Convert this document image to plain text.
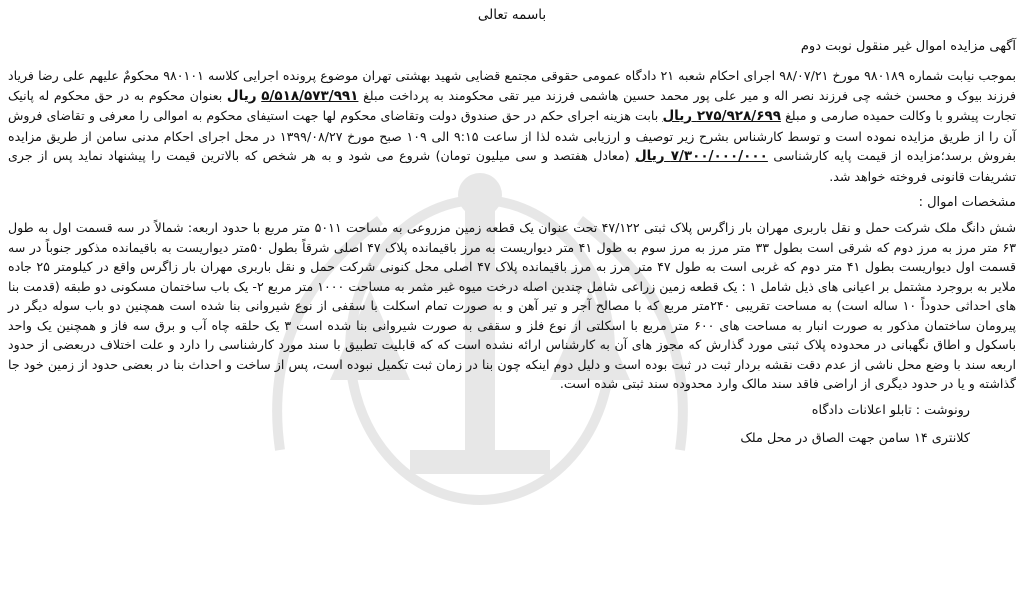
باسمه تعالی
آگهی مزایده اموال غیر منقول نوبت دوم

بموجب نیابت شماره ۹۸۰۱۸۹ مورخ ۹۸/۰۷/۲۱ اجرای احکام شعبه ۲۱ دادگاه عمومی حقوقی مجتمع قضایی شهید بهشتی تهران موضوع پرونده اجرایی کلاسه ۹۸۰۱۰۱ محکومٌ علیهم علی رضا فریاد فرزند بیوک و محسن خشه چی فرزند نصر اله و میر علی پور محمد حسین هاشمی فرزند میر تقی محکومند به پرداخت مبلغ ۵/۵۱۸/۵۷۳/۹۹۱ ریال بعنوان محکوم به در حق محکوم له پانیک تجارت پیشرو با وکالت حمیده صارمی و مبلغ ۲۷۵/۹۲۸/۶۹۹ ریال بابت هزینه اجرای حکم در حق صندوق دولت وتقاضای محکوم لها جهت استیفای محکوم به اموالی را معرفی و تقاضای فروش آن را از طریق مزایده نموده است و توسط کارشناس بشرح زیر توصیف و ارزیابی شده لذا از ساعت ۹:۱۵ الی ۱۰۹ صبح مورخ ۱۳۹۹/۰۸/۲۷ در محل اجرای احکام مدنی سامن از طریق مزایده بفروش برسد؛مزایده از قیمت پایه کارشناسی ۷/۳۰۰/۰۰۰/۰۰۰ ریال (معادل هفتصد و سی میلیون تومان) شروع می شود و به هر شخص که بالاترین قیمت را پیشنهاد نماید پس از جری تشریفات قانونی فروخته خواهد شد.

مشخصات اموال :

شش دانگ ملک شرکت حمل و نقل باربری مهران بار زاگرس پلاک ثبتی ۴۷/۱۲۲ تحت عنوان یک قطعه زمین مزروعی به مساحت ۵۰۱۱ متر مربع با حدود اربعه: شمالاً در سه قسمت اول به طول ۶۳ متر مرز به مرز دوم که شرقی است بطول ۳۳ متر مرز به مرز سوم به طول ۴۱ متر دیواریست به مرز باقیمانده پلاک ۴۷ اصلی شرقاً بطول ۵۰متر دیواریست به باقیمانده مذکور جنوباً در سه قسمت اول دیواریست بطول ۴۱ متر دوم که غربی است به طول ۴۷ متر مرز به مرز باقیمانده پلاک ۴۷ اصلی محل کنونی شرکت حمل و نقل باربری مهران بار زاگرس واقع در کیلومتر ۲۵ جاده ملایر به بروجرد مشتمل بر اعیانی های ذیل شامل ۱ : یک قطعه زمین زراعی شامل چندین اصله درخت میوه غیر مثمر به مساحت ۱۰۰۰ متر مربع ۲- یک باب ساختمان مسکونی دو طبقه (قدمت بنا های احداثی حدوداً ۱۰ ساله است) به مساحت تقریبی ۲۴۰متر مربع که با مصالح آجر و تیر آهن و به صورت تمام اسکلت با سقفی از نوع شیروانی بنا شده است همچنین دو باب سوله دیگر در پیرومان ساختمان مذکور به صورت انبار به مساحت های ۶۰۰ متر مربع با اسکلتی از نوع فلز و سقفی به صورت شیروانی بنا شده است ۳ یک حلقه چاه آب و برق سه فاز و همچنین یک واحد باسکول و اطاق نگهبانی در محدوده پلاک ثبتی مورد گذارش که مجوز های آن به کارشناس ارائه نشده است که که قابلیت تطبیق با سند مورد کارشناسی را دارد و علت اختلاف دربعضی از حدود اربعه سند با وضع محل ناشی از عدم دقت نقشه بردار ثبت در ثبت بوده است و دلیل دوم اینکه چون بنا در زمان ثبت تکمیل نبوده است، پس از ساخت و احداث بنا در بعضی حدود از زمین خود جا گذاشته و یا در حدود دیگری از اراضی فاقد سند مالک وارد محدوده سند ثبتی شده است.

رونوشت : تابلو اعلانات دادگاه
کلانتری ۱۴ سامن جهت الصاق در محل ملک
